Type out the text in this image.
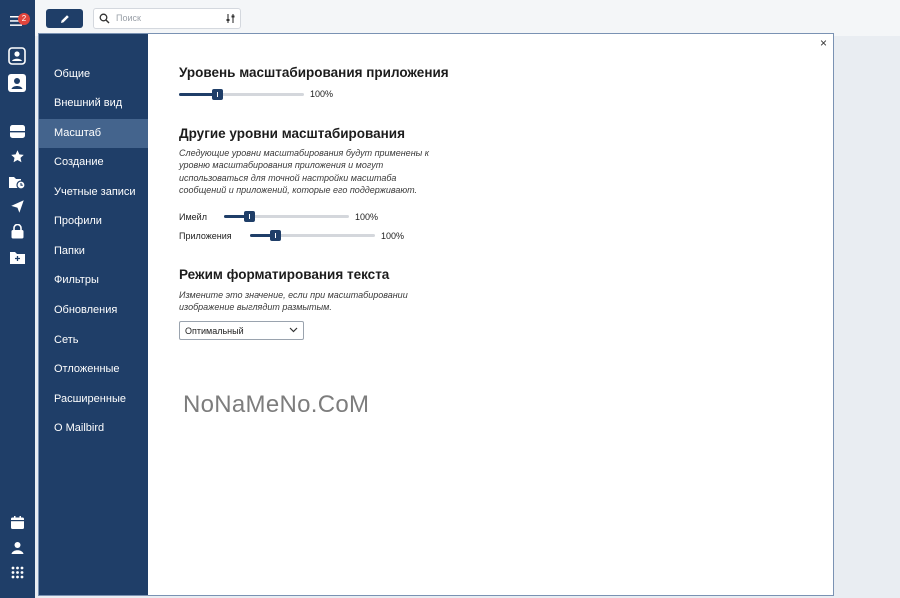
2	Поиск
Общие
Внешний вид
Масштаб
Создание
Учетные записи
Профили
Папки
Фильтры
Обновления
Сеть
Отложенные
Расширенные
О Mailbird
×
Уровень масштабирования приложения
100%
Другие уровни масштабирования
Следующие уровни масштабирования будут применены к уровню масштабирования приложения и могут использоваться для точной настройки масштаба сообщений и приложений, которые его поддерживают.
Имейл	100%
Приложения	100%
Режим форматирования текста
Измените это значение, если при масштабировании изображение выглядит размытым.
Оптимальный
NoNaMeNo.CoM
